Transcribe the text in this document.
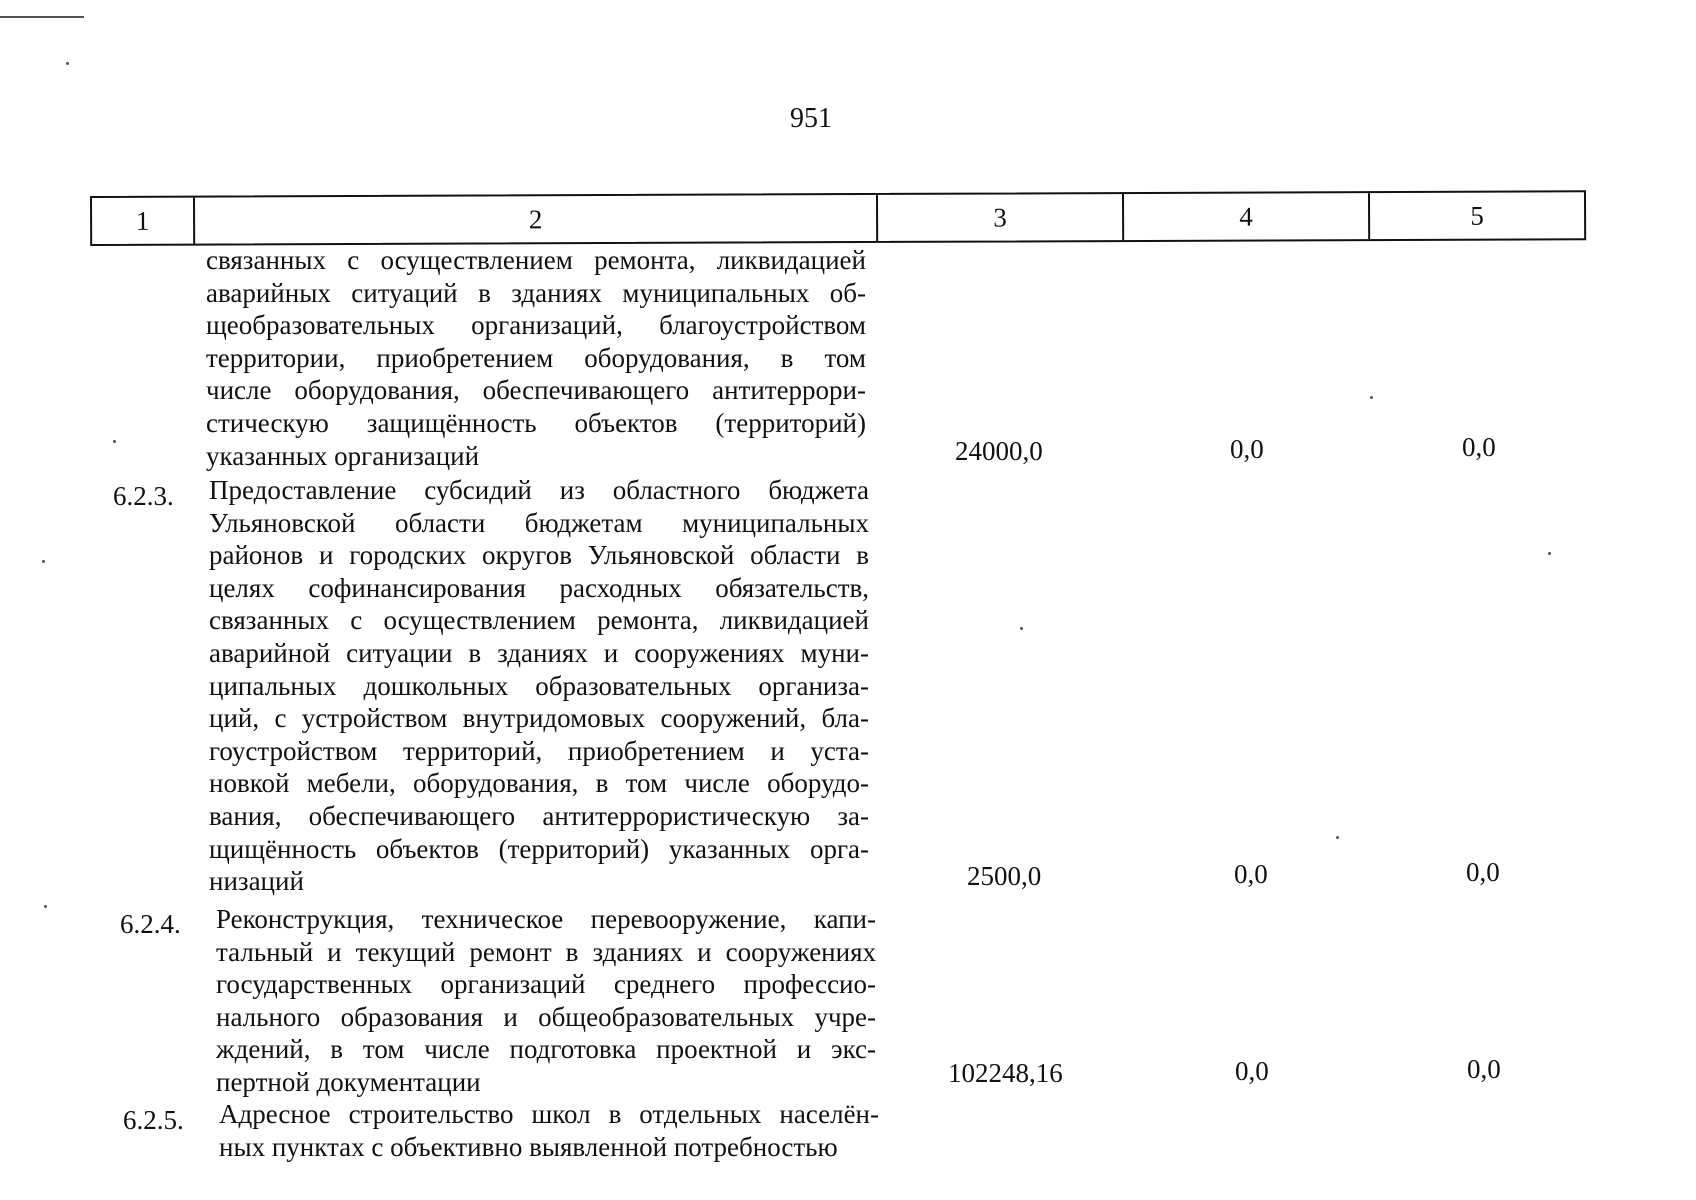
951
1	2	3	4	5
связанных с осуществлением ремонта, ликвидацией
аварийных ситуаций в зданиях муниципальных об-
щеобразовательных организаций, благоустройством
территории, приобретением оборудования, в том
числе оборудования, обеспечивающего антитеррори-
стическую защищённость объектов (территорий)
указанных организаций	24000,0	0,0	0,0
6.2.3. Предоставление субсидий из областного бюджета
Ульяновской области бюджетам муниципальных
районов и городских округов Ульяновской области в
целях софинансирования расходных обязательств,
связанных с осуществлением ремонта, ликвидацией
аварийной ситуации в зданиях и сооружениях муни-
ципальных дошкольных образовательных организа-
ций, с устройством внутридомовых сооружений, бла-
гоустройством территорий, приобретением и уста-
новкой мебели, оборудования, в том числе оборудо-
вания, обеспечивающего антитеррористическую за-
щищённость объектов (территорий) указанных орга-
низаций	2500,0	0,0	0,0
6.2.4. Реконструкция, техническое перевооружение, капи-
тальный и текущий ремонт в зданиях и сооружениях
государственных организаций среднего профессио-
нального образования и общеобразовательных учре-
ждений, в том числе подготовка проектной и экс-
пертной документации	102248,16	0,0	0,0
6.2.5. Адресное строительство школ в отдельных населён-
ных пунктах с объективно выявленной потребностью
